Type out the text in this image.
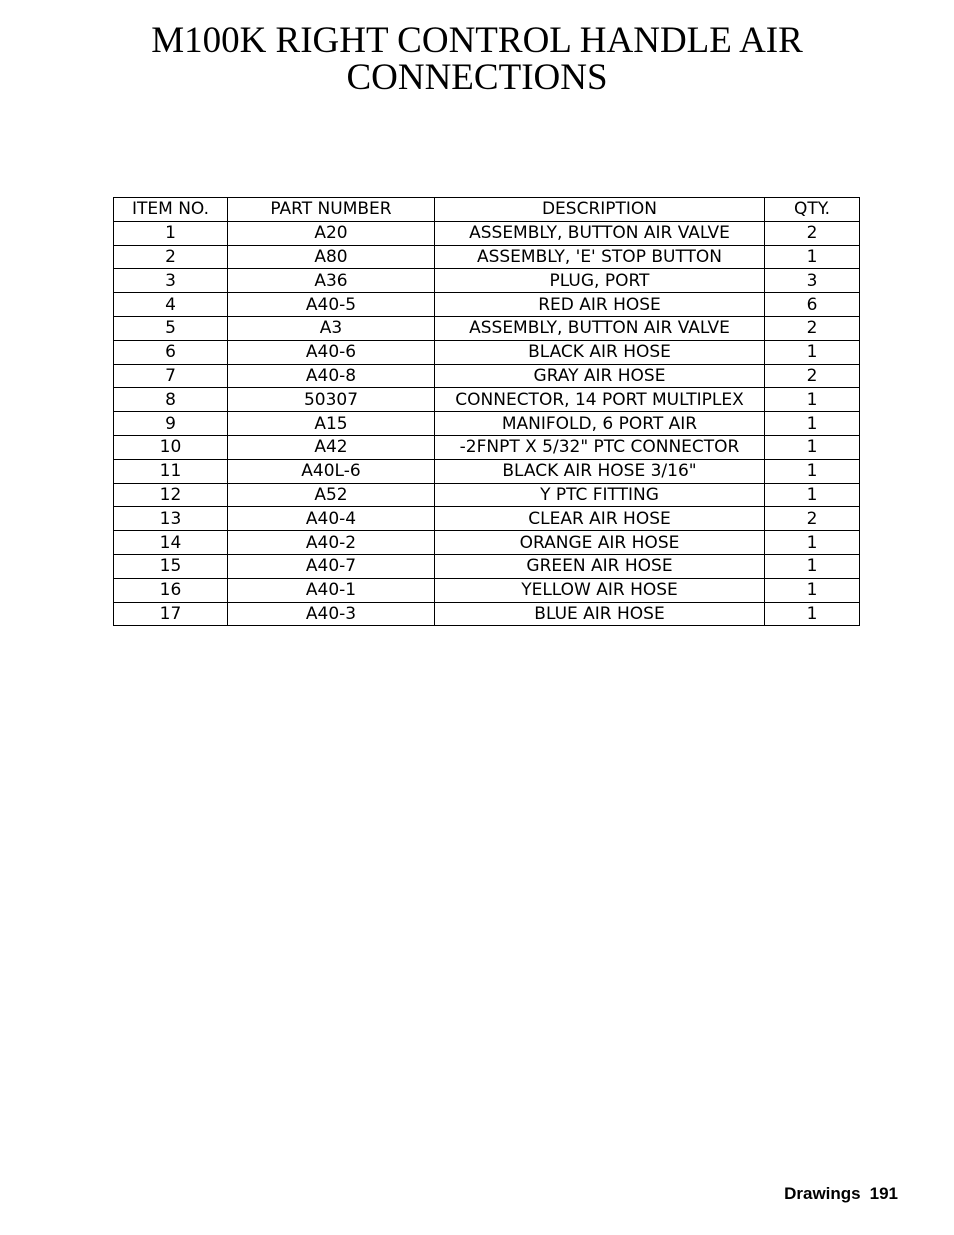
M100K RIGHT CONTROL HANDLE AIR
CONNECTIONS
ITEM NO.	PART NUMBER	DESCRIPTION	QTY.
1	A20	ASSEMBLY, BUTTON AIR VALVE	2
2	A80	ASSEMBLY, 'E' STOP BUTTON	1
3	A36	PLUG, PORT	3
4	A40-5	RED AIR HOSE	6
5	A3	ASSEMBLY, BUTTON AIR VALVE	2
6	A40-6	BLACK AIR HOSE	1
7	A40-8	GRAY AIR HOSE	2
8	50307	CONNECTOR, 14 PORT MULTIPLEX	1
9	A15	MANIFOLD, 6 PORT AIR	1
10	A42	-2FNPT X 5/32" PTC CONNECTOR	1
11	A40L-6	BLACK AIR HOSE 3/16"	1
12	A52	Y PTC FITTING	1
13	A40-4	CLEAR AIR HOSE	2
14	A40-2	ORANGE AIR HOSE	1
15	A40-7	GREEN AIR HOSE	1
16	A40-1	YELLOW AIR HOSE	1
17	A40-3	BLUE AIR HOSE	1
Drawings 191
